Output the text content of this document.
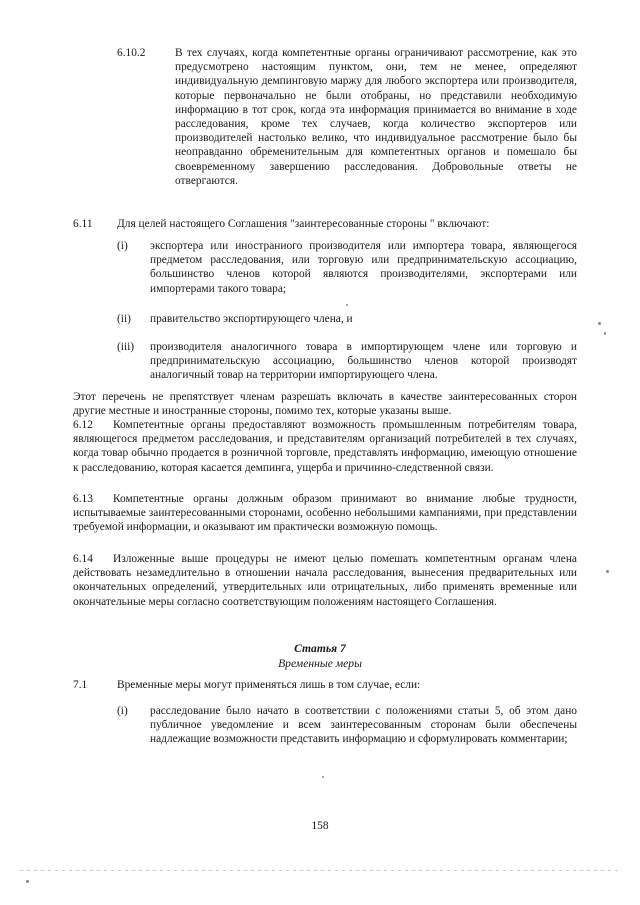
6.10.2	В тех случаях, когда компетентные органы ограничивают рассмотрение, как это предусмотрено настоящим пунктом, они, тем не менее, определяют индивидуальную демпинговую маржу для любого экспортера или производителя, которые первоначально не были отобраны, но представили необходимую информацию в тот срок, когда эта информация принимается во внимание в ходе расследования, кроме тех случаев, когда количество экспортеров или производителей настолько велико, что индивидуальное рассмотрение было бы неоправданно обременительным для компетентных органов и помешало бы своевременному завершению расследования. Добровольные ответы не отвергаются.

6.11 Для целей настоящего Соглашения "заинтересованные стороны " включают:

(i) экспортера или иностраниого производителя или импортера товара, являющегося предметом расследования, или торговую или предпринимательскую ассоциацию, большинство членов которой являются производителями, экспортерами или импортерами такого товара;

(ii) правительство экспортирующего члена, и

(iii) производителя аналогичного товара в импортирующем члене или торговую и предпринимательскую ассоциацию, большинство членов которой производят аналогичный товар на территории импортирующего члена.

Этот перечень не препятствует членам разрешать включать в качестве заинтересованных сторон другие местные и иностранные стороны, помимо тех, которые указаны выше.

6.12	Компетентные органы предоставляют возможность промышленным потребителям товара, являющегося предметом расследования, и представителям организаций потребителей в тех случаях, когда товар обычно продается в розничной торговле, представлять информацию, имеющую отношение к расследованию, которая касается демпинга, ущерба и причинно-следственной связи.

6.13	Компетентные органы должным образом принимают во внимание любые трудности, испытываемые заинтересованными сторонами, особенно небольшими кампаниями, при представлении требуемой информации, и оказывают им практически возможную помощь.

6.14	Изложенные выше процедуры не имеют целью помешать компетентным органам члена действовать незамедлительно в отношении начала расследования, вынесения предварительных или окончательных определений, утвердительных или отрицательных, либо применять временные или окончательные меры согласно соответствующим положениям настоящего Соглашения.

Статья 7
Временные меры
7.1	Временные меры могут применяться лишь в том случае, если:

(i) расследование было начато в соответствии с положениями статьи 5, об этом дано публичное уведомление и всем заинтересованным сторонам были обеспечены надлежащие возможности представить информацию и сформулировать комментарии;

158
